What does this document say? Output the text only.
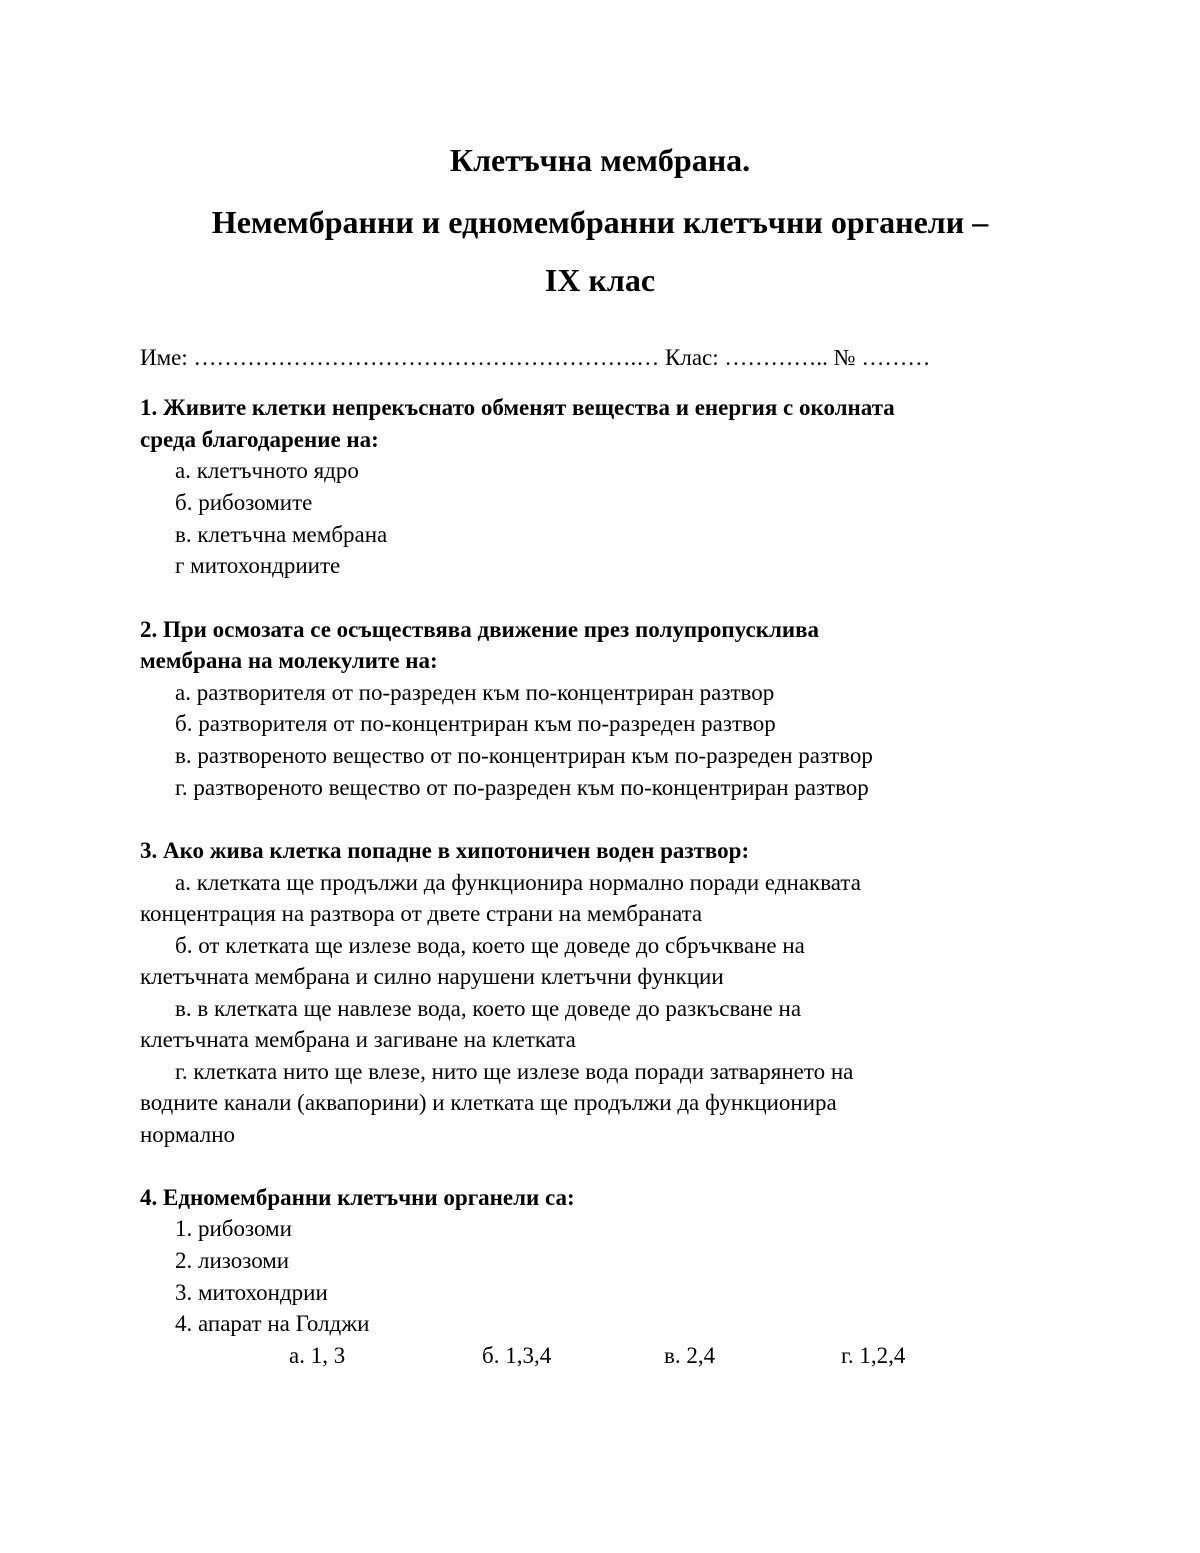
Клетъчна мембрана.

Немембранни и едномембранни клетъчни органели –

IX клас

Име: ………………………………………………….… Клас: ………….. № ………
1. Живите клетки непрекъснато обменят вещества и енергия с околната
среда благодарение на:
а. клетъчното ядро
б. рибозомите
в. клетъчна мембрана
г митохондриите
2. При осмозата се осъществява движение през полупропусклива
мембрана на молекулите на:
а. разтворителя от по-разреден към по-концентриран разтвор
б. разтворителя от по-концентриран към по-разреден разтвор
в. разтвореното вещество от по-концентриран към по-разреден разтвор
г. разтвореното вещество от по-разреден към по-концентриран разтвор
3. Ако жива клетка попадне в хипотоничен воден разтвор:
а. клетката ще продължи да функционира нормално поради еднаквата
концентрация на разтвора от двете страни на мембраната
б. от клетката ще излезе вода, което ще доведе до сбръчкване на
клетъчната мембрана и силно нарушени клетъчни функции
в. в клетката ще навлезе вода, което ще доведе до разкъсване на
клетъчната мембрана и загиване на клетката
г. клетката нито ще влезе, нито ще излезе вода поради затварянето на
водните канали (аквапорини) и клетката ще продължи да функционира
нормално
4. Едномембранни клетъчни органели са:
1. рибозоми
2. лизозоми
3. митохондрии
4. апарат на Голджи
а. 1, 3	б. 1,3,4	в. 2,4	г. 1,2,4
